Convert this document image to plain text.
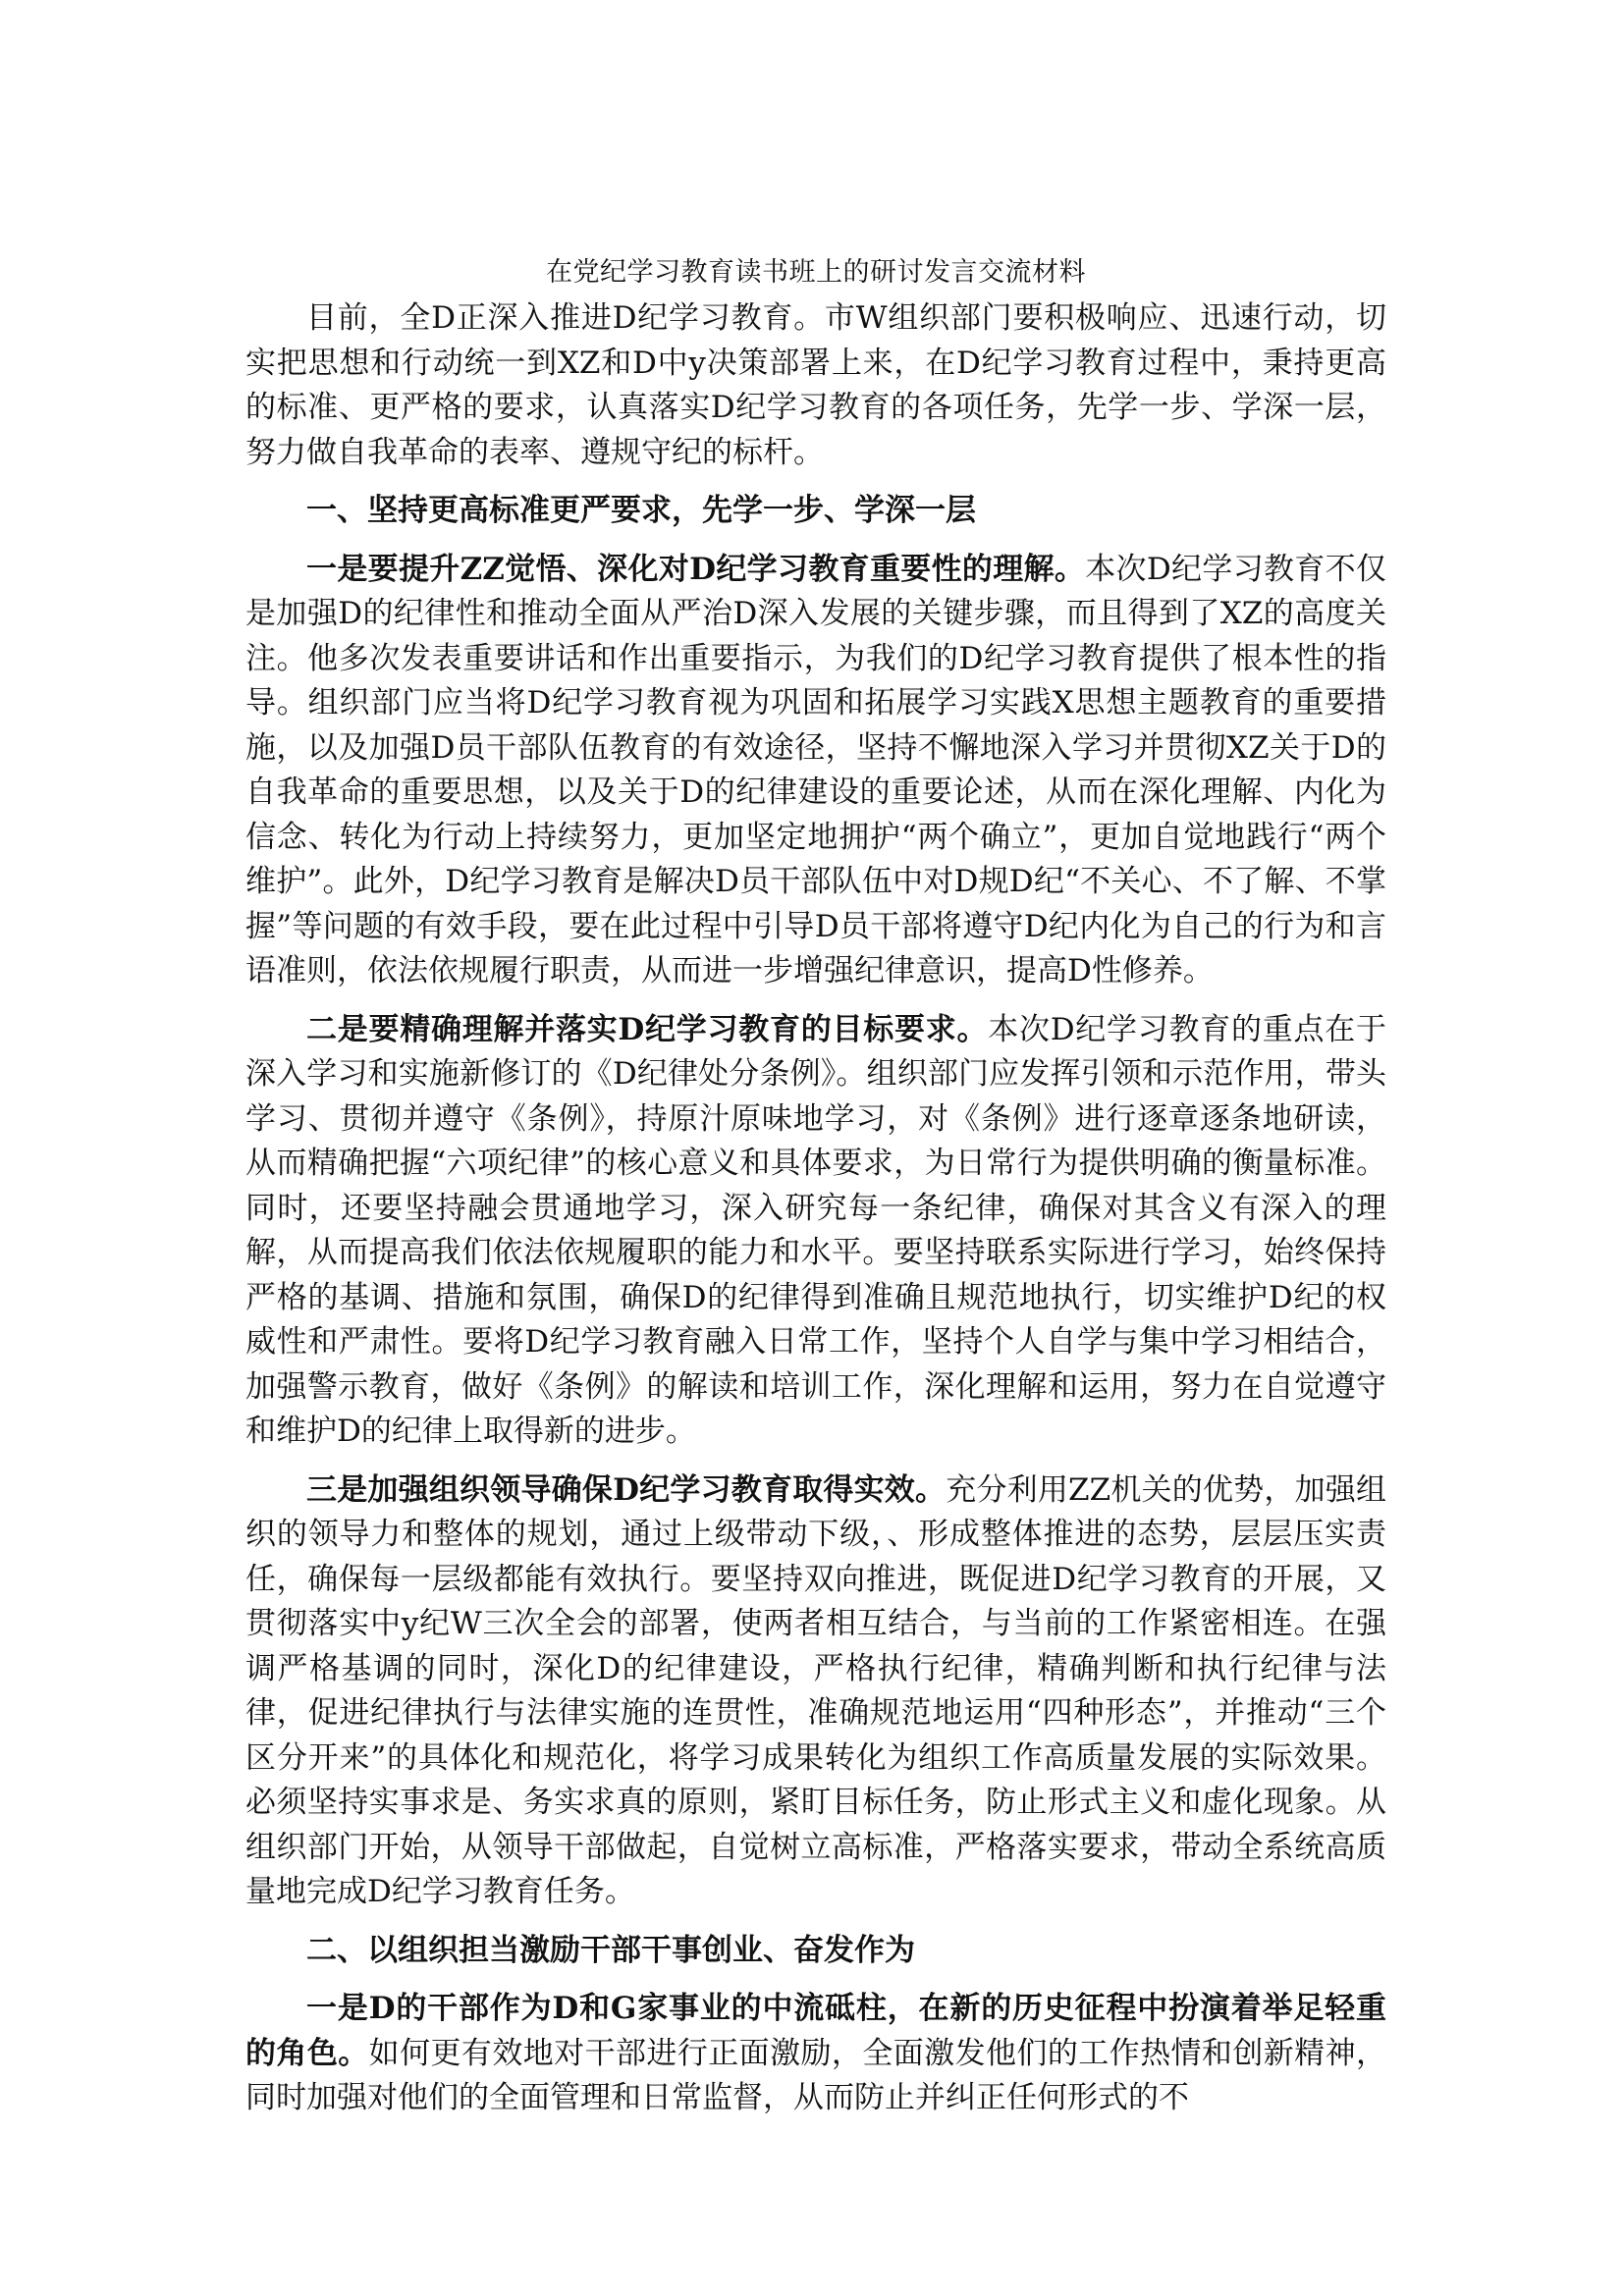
在党纪学习教育读书班上的研讨发言交流材料

目前，全D正深入推进D纪学习教育。市W组织部门要积极响应、迅速行动，切实把思想和行动统一到XZ和D中y决策部署上来，在D纪学习教育过程中，秉持更高的标准、更严格的要求，认真落实D纪学习教育的各项任务，先学一步、学深一层，努力做自我革命的表率、遵规守纪的标杆。

一、坚持更高标准更严要求，先学一步、学深一层

一是要提升ZZ觉悟、深化对D纪学习教育重要性的理解。本次D纪学习教育不仅是加强D的纪律性和推动全面从严治D深入发展的关键步骤，而且得到了XZ的高度关注。他多次发表重要讲话和作出重要指示，为我们的D纪学习教育提供了根本性的指导。组织部门应当将D纪学习教育视为巩固和拓展学习实践X思想主题教育的重要措施，以及加强D员干部队伍教育的有效途径，坚持不懈地深入学习并贯彻XZ关于D的自我革命的重要思想，以及关于D的纪律建设的重要论述，从而在深化理解、内化为信念、转化为行动上持续努力，更加坚定地拥护“两个确立”，更加自觉地践行“两个维护”。此外，D纪学习教育是解决D员干部队伍中对D规D纪“不关心、不了解、不掌握”等问题的有效手段，要在此过程中引导D员干部将遵守D纪内化为自己的行为和言语准则，依法依规履行职责，从而进一步增强纪律意识，提高D性修养。

二是要精确理解并落实D纪学习教育的目标要求。本次D纪学习教育的重点在于深入学习和实施新修订的《D纪律处分条例》。组织部门应发挥引领和示范作用，带头学习、贯彻并遵守《条例》，持原汁原味地学习，对《条例》进行逐章逐条地研读，从而精确把握“六项纪律”的核心意义和具体要求，为日常行为提供明确的衡量标准。同时，还要坚持融会贯通地学习，深入研究每一条纪律，确保对其含义有深入的理解，从而提高我们依法依规履职的能力和水平。要坚持联系实际进行学习，始终保持严格的基调、措施和氛围，确保D的纪律得到准确且规范地执行，切实维护D纪的权威性和严肃性。要将D纪学习教育融入日常工作，坚持个人自学与集中学习相结合，加强警示教育，做好《条例》的解读和培训工作，深化理解和运用，努力在自觉遵守和维护D的纪律上取得新的进步。

三是加强组织领导确保D纪学习教育取得实效。充分利用ZZ机关的优势，加强组织的领导力和整体的规划，通过上级带动下级，、形成整体推进的态势，层层压实责任，确保每一层级都能有效执行。要坚持双向推进，既促进D纪学习教育的开展，又贯彻落实中y纪W三次全会的部署，使两者相互结合，与当前的工作紧密相连。在强调严格基调的同时，深化D的纪律建设，严格执行纪律，精确判断和执行纪律与法律，促进纪律执行与法律实施的连贯性，准确规范地运用“四种形态”，并推动“三个区分开来”的具体化和规范化，将学习成果转化为组织工作高质量发展的实际效果。必须坚持实事求是、务实求真的原则，紧盯目标任务，防止形式主义和虚化现象。从组织部门开始，从领导干部做起，自觉树立高标准，严格落实要求，带动全系统高质量地完成D纪学习教育任务。

二、以组织担当激励干部干事创业、奋发作为

一是D的干部作为D和G家事业的中流砥柱，在新的历史征程中扮演着举足轻重的角色。如何更有效地对干部进行正面激励，全面激发他们的工作热情和创新精神，同时加强对他们的全面管理和日常监督，从而防止并纠正任何形式的不
